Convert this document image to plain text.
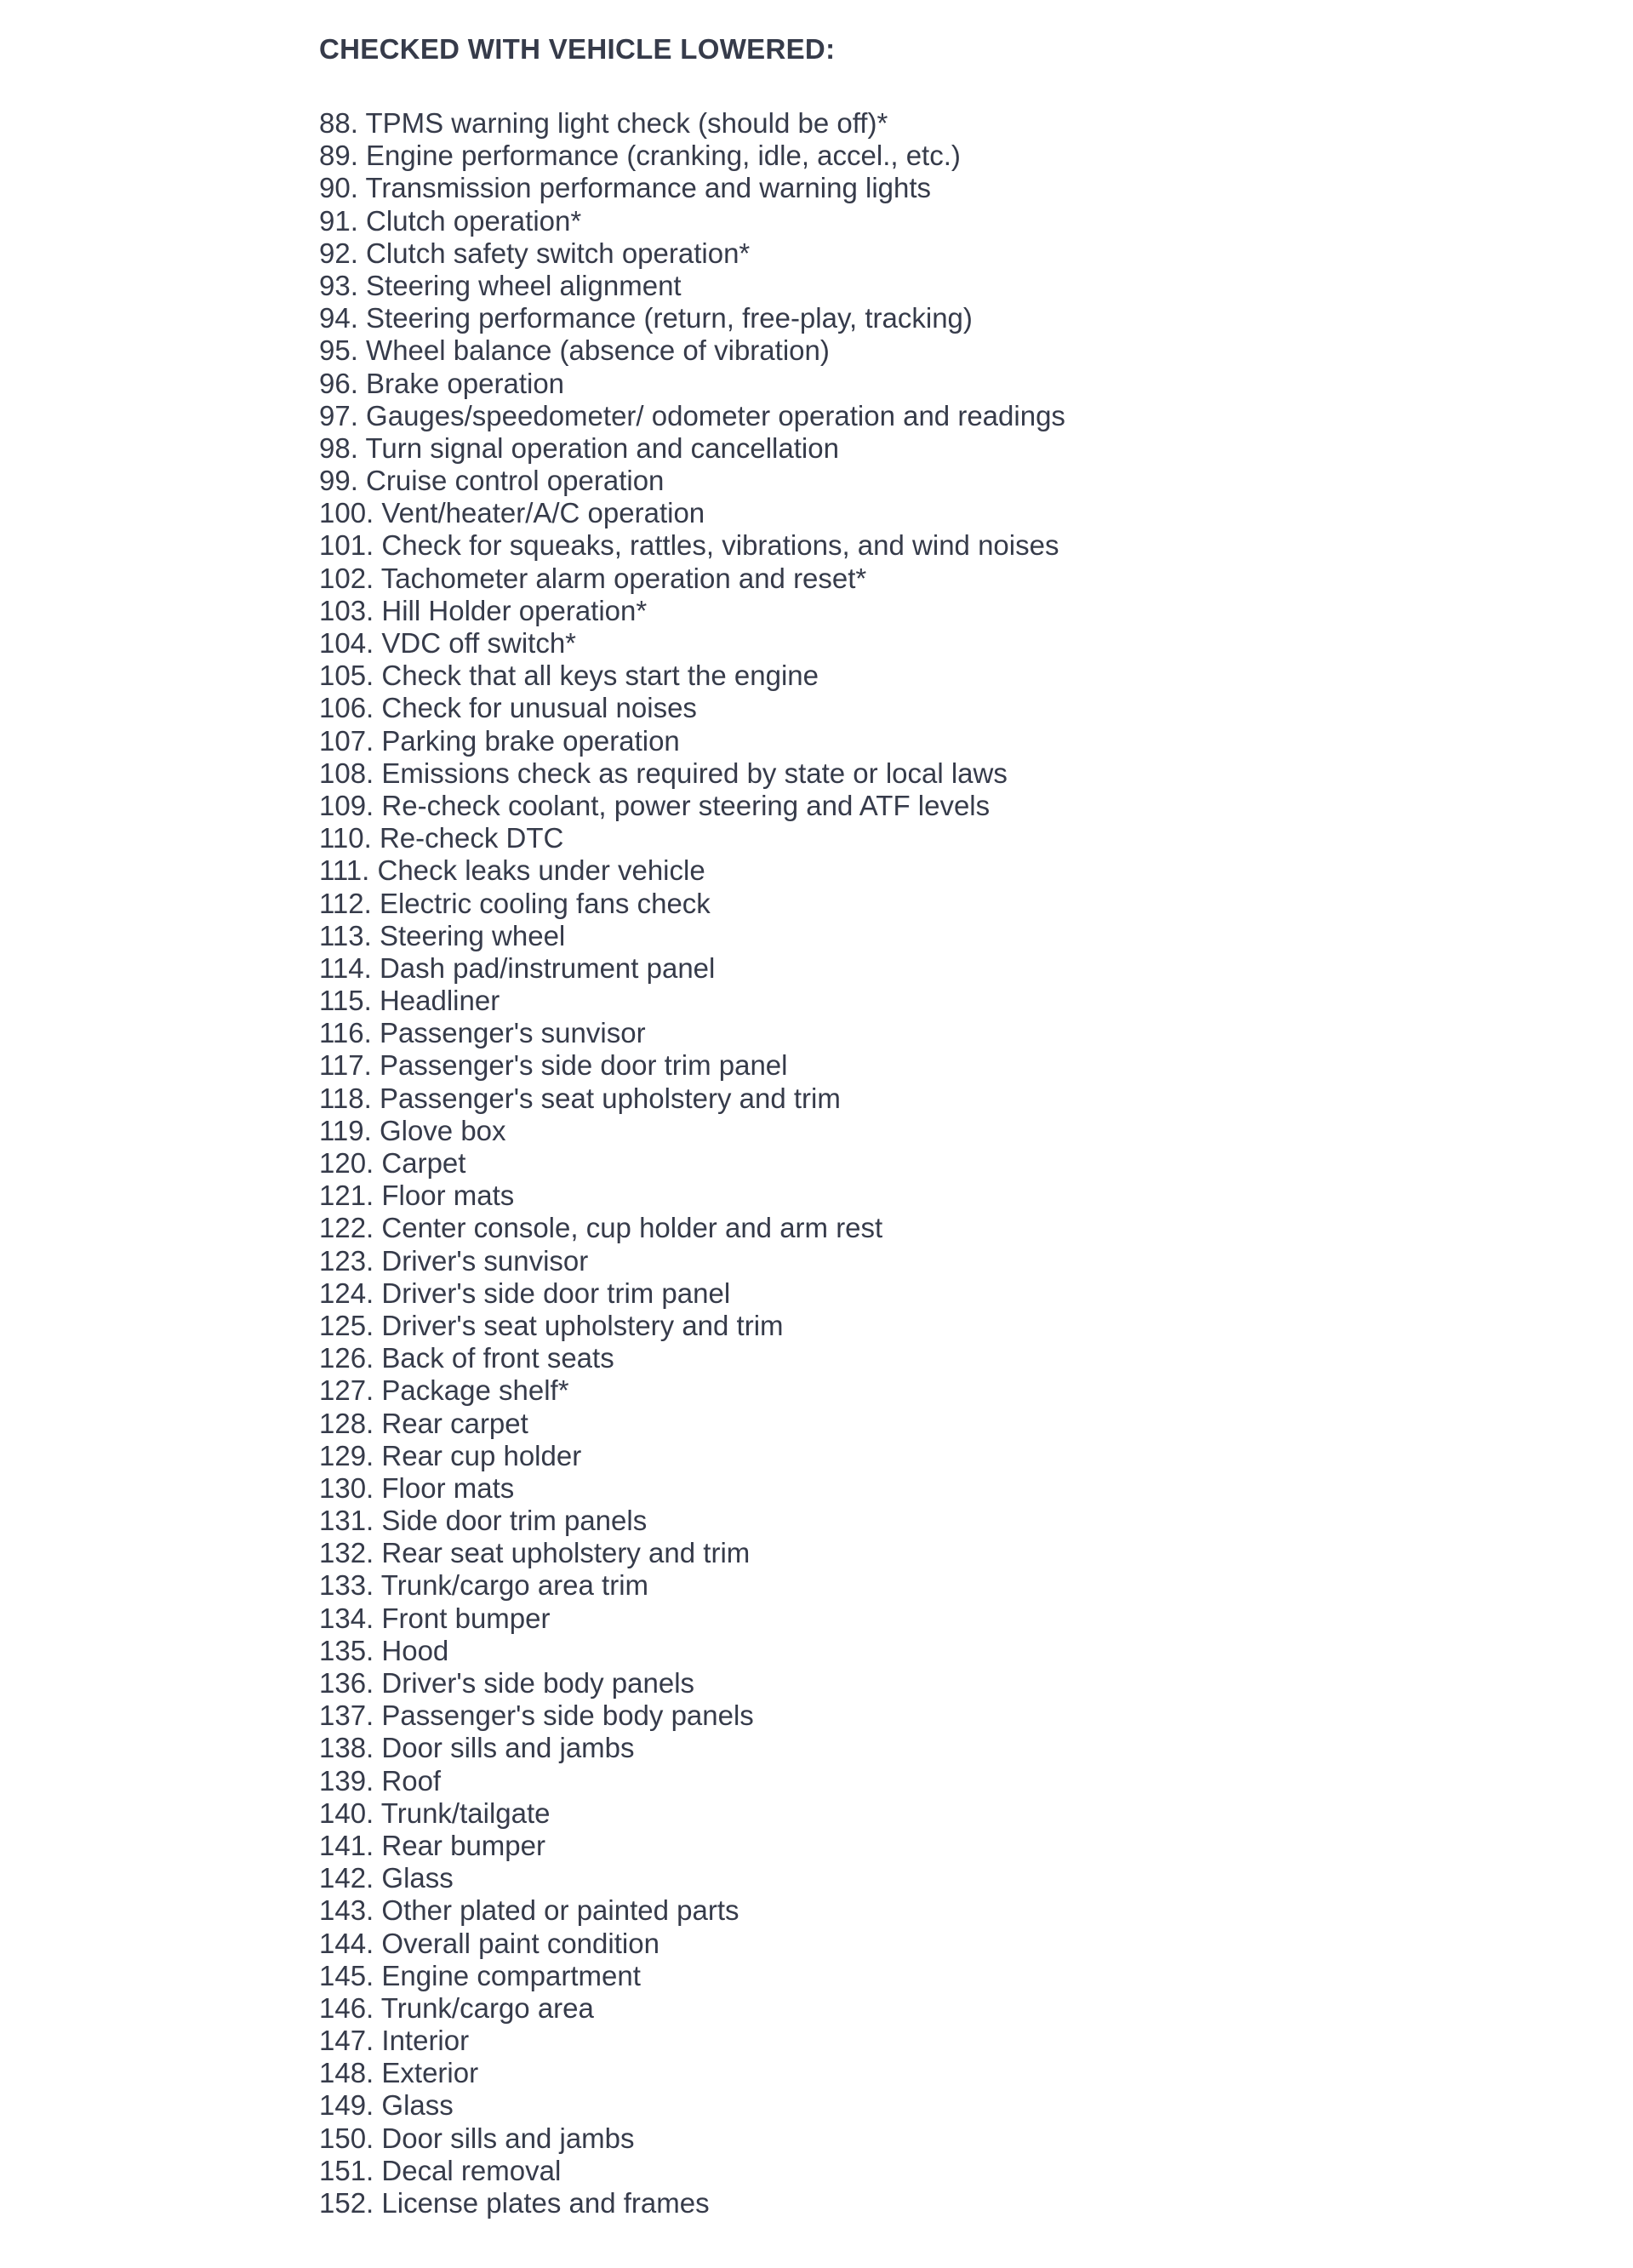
CHECKED WITH VEHICLE LOWERED:
88. TPMS warning light check (should be off)*
89. Engine performance (cranking, idle, accel., etc.)
90. Transmission performance and warning lights
91. Clutch operation*
92. Clutch safety switch operation*
93. Steering wheel alignment
94. Steering performance (return, free-play, tracking)
95. Wheel balance (absence of vibration)
96. Brake operation
97. Gauges/speedometer/ odometer operation and readings
98. Turn signal operation and cancellation
99. Cruise control operation
100. Vent/heater/A/C operation
101. Check for squeaks, rattles, vibrations, and wind noises
102. Tachometer alarm operation and reset*
103. Hill Holder operation*
104. VDC off switch*
105. Check that all keys start the engine
106. Check for unusual noises
107. Parking brake operation
108. Emissions check as required by state or local laws
109. Re-check coolant, power steering and ATF levels
110. Re-check DTC
111. Check leaks under vehicle
112. Electric cooling fans check
113. Steering wheel
114. Dash pad/instrument panel
115. Headliner
116. Passenger's sunvisor
117. Passenger's side door trim panel
118. Passenger's seat upholstery and trim
119. Glove box
120. Carpet
121. Floor mats
122. Center console, cup holder and arm rest
123. Driver's sunvisor
124. Driver's side door trim panel
125. Driver's seat upholstery and trim
126. Back of front seats
127. Package shelf*
128. Rear carpet
129. Rear cup holder
130. Floor mats
131. Side door trim panels
132. Rear seat upholstery and trim
133. Trunk/cargo area trim
134. Front bumper
135. Hood
136. Driver's side body panels
137. Passenger's side body panels
138. Door sills and jambs
139. Roof
140. Trunk/tailgate
141. Rear bumper
142. Glass
143. Other plated or painted parts
144. Overall paint condition
145. Engine compartment
146. Trunk/cargo area
147. Interior
148. Exterior
149. Glass
150. Door sills and jambs
151. Decal removal
152. License plates and frames
